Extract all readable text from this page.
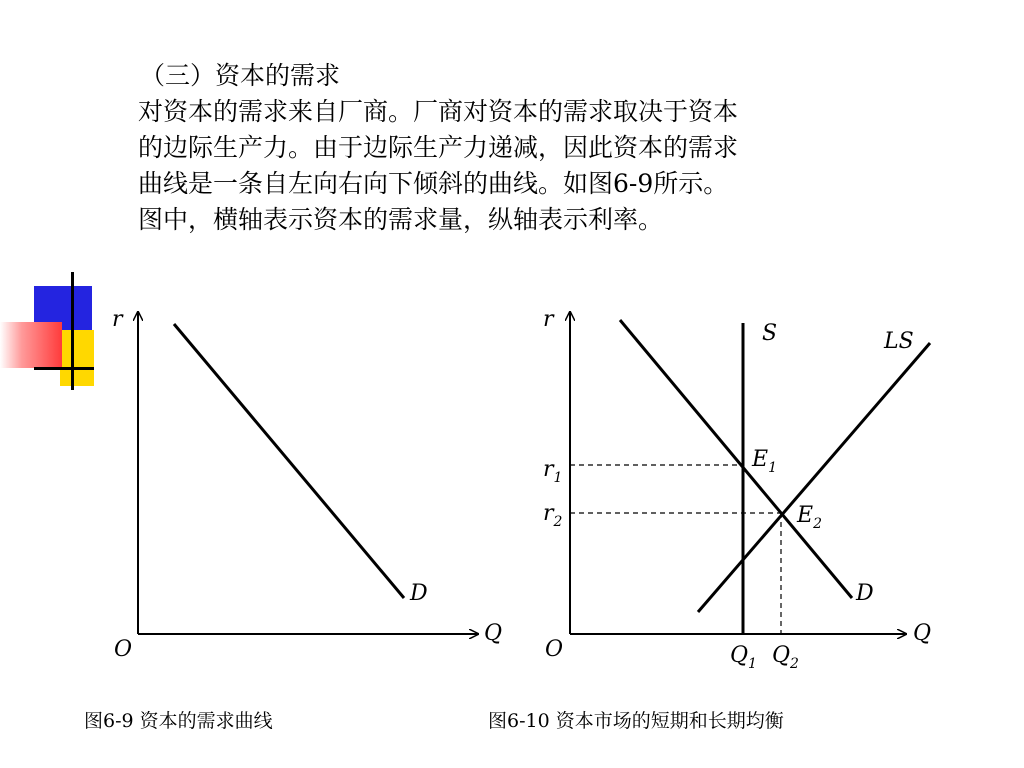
（三）资本的需求

对资本的需求来自厂商。厂商对资本的需求取决于资本
的边际生产力。由于边际生产力递减，因此资本的需求
曲线是一条自左向右向下倾斜的曲线。如图6-9所示。
图中，横轴表示资本的需求量，纵轴表示利率。

r
Q
O
D
r
Q
O
S	LS
D
$r_1$
$r_2$
$E_1$
$E_2$
$Q_1$ $Q_2$
图6-9 资本的需求曲线	图6-10 资本市场的短期和长期均衡
